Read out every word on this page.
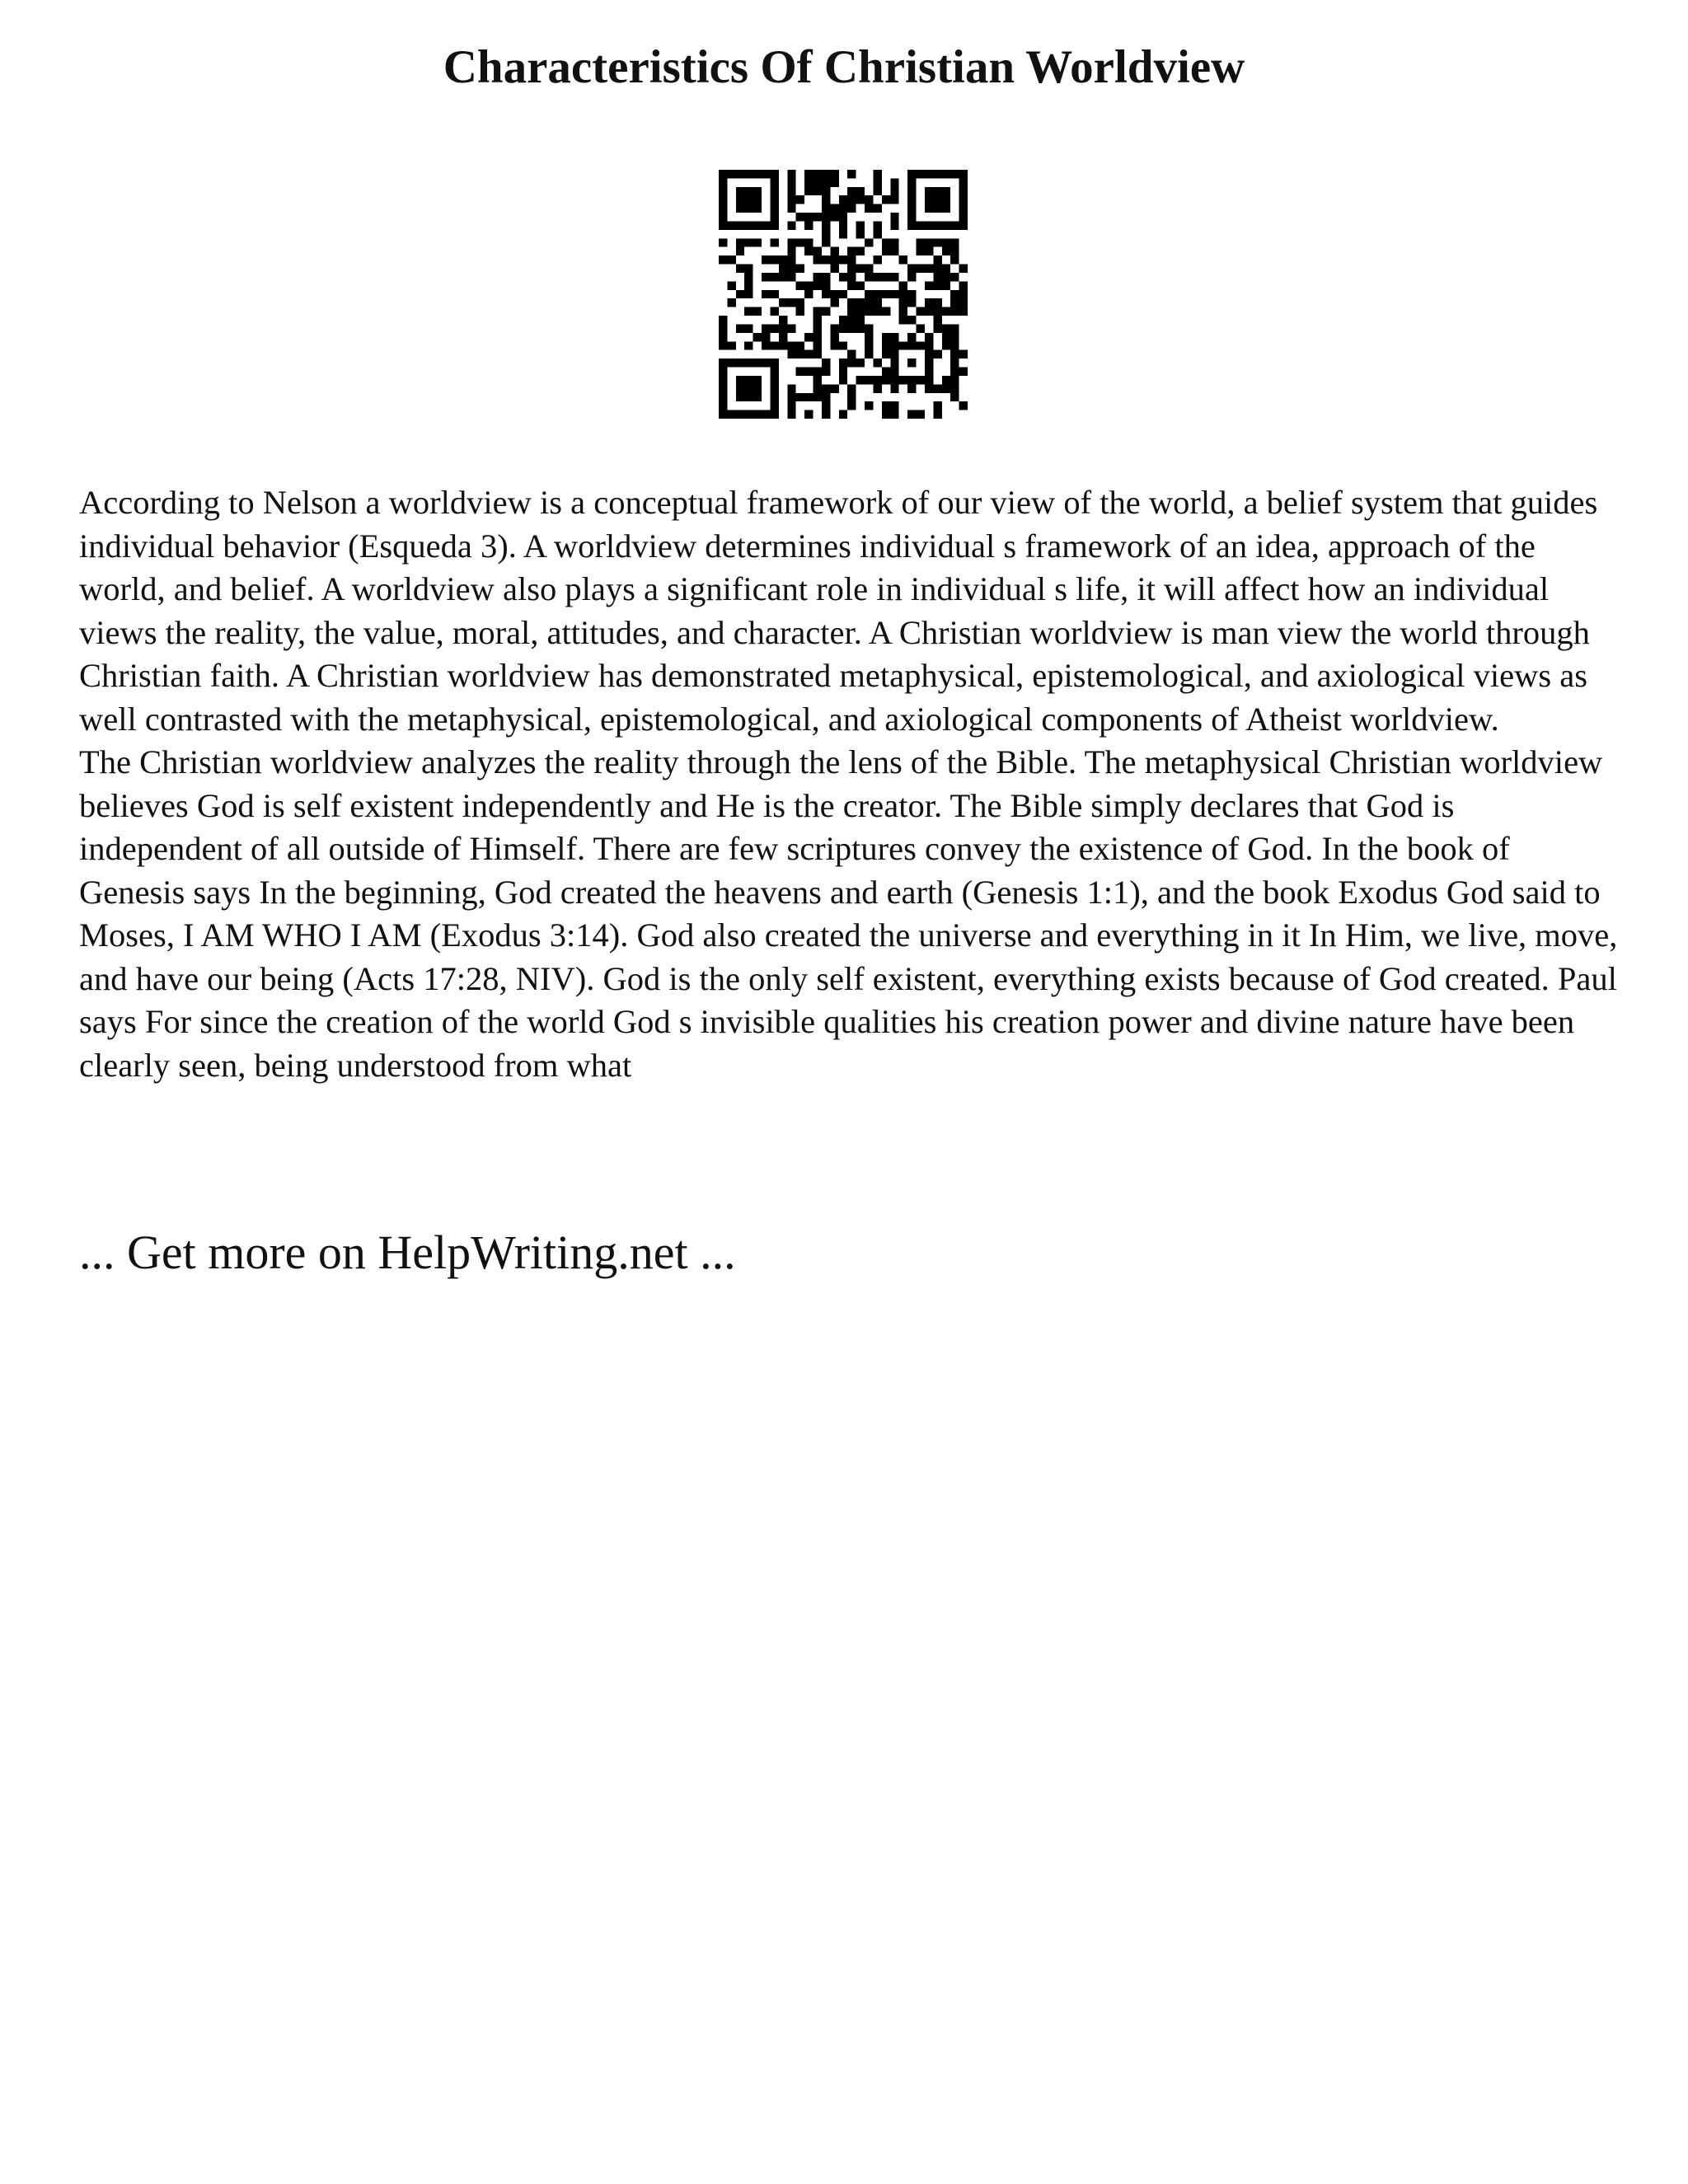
Characteristics Of Christian Worldview

According to Nelson a worldview is a conceptual framework of our view of the world, a belief system that guides individual behavior (Esqueda 3). A worldview determines individual s framework of an idea, approach of the world, and belief. A worldview also plays a significant role in individual s life, it will affect how an individual views the reality, the value, moral, attitudes, and character. A Christian worldview is man view the world through Christian faith. A Christian worldview has demonstrated metaphysical, epistemological, and axiological views as well contrasted with the metaphysical, epistemological, and axiological components of Atheist worldview.

The Christian worldview analyzes the reality through the lens of the Bible. The metaphysical Christian worldview believes God is self existent independently and He is the creator. The Bible simply declares that God is independent of all outside of Himself. There are few scriptures convey the existence of God. In the book of Genesis says In the beginning, God created the heavens and earth (Genesis 1:1), and the book Exodus God said to Moses, I AM WHO I AM (Exodus 3:14). God also created the universe and everything in it In Him, we live, move, and have our being (Acts 17:28, NIV). God is the only self existent, everything exists because of God created. Paul says For since the creation of the world God s invisible qualities his creation power and divine nature have been clearly seen, being understood from what

... Get more on HelpWriting.net ...
